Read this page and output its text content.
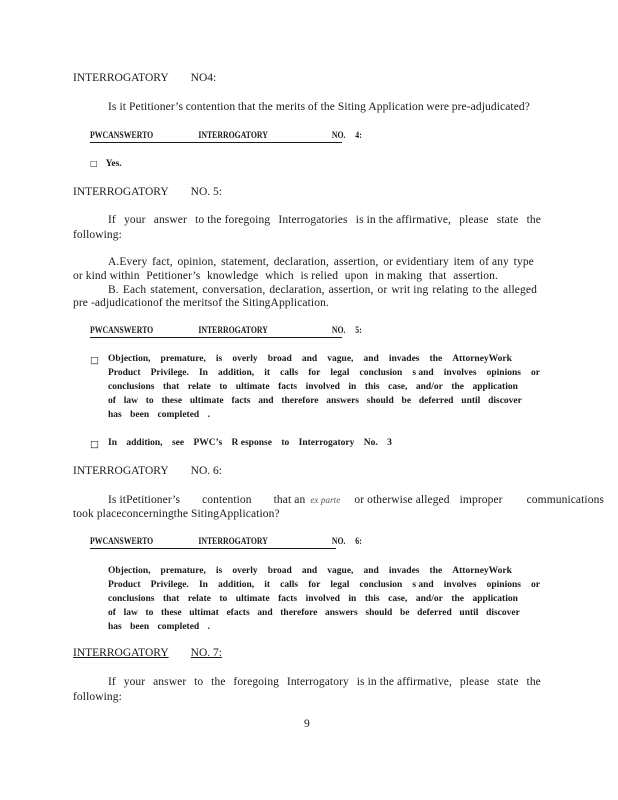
INTERROGATORY NO4:
Is it Petitioner’s contention that the merits of the Siting Application were pre-adjudicated?
PWCANSWERTO	INTERROGATORY	NO. 4:
□ Yes.
INTERROGATORY NO. 5:
If your answer to the foregoing Interrogatories is in the affirmative, please state the
following:
A.Every fact, opinion, statement, declaration, assertion, or evidentiary item of any type
or kind within Petitioner’s knowledge which is relied upon in making that assertion.
B. Each statement, conversation, declaration, assertion, or writ ing relating to the alleged
pre -adjudication of the merits of the SitingApplication.
PWCANSWERTO	INTERROGATORY	NO. 5:
□ Objection, premature, is overly broad and vague, and invades the AttorneyWork
Product Privilege. In addition, it calls for legal conclusion s and involves opinions or
conclusions that relate to ultimate facts involved in this case, and/or the application
of law to these ultimate facts and therefore answers should be deferred until discover
has been completed .
□ In addition, see PWC’s R esponse to Interrogatory No. 3
INTERROGATORY NO. 6:
Is itPetitioner’s contention that an ex parte or otherwise alleged improper communications
took place concerning the SitingApplication?
PWCANSWERTO	INTERROGATORY	NO. 6:
Objection, premature, is overly broad and vague, and invades the AttorneyWork
Product Privilege. In addition, it calls for legal conclusion s and involves opinions or
conclusions that relate to ultimate facts involved in this case, and/or the application
of law to these ultimat efacts and therefore answers should be deferred until discover
has been completed .
INTERROGATORY NO. 7:
If your answer to the foregoing Interrogatory is in the affirmative, please state the
following:
9
